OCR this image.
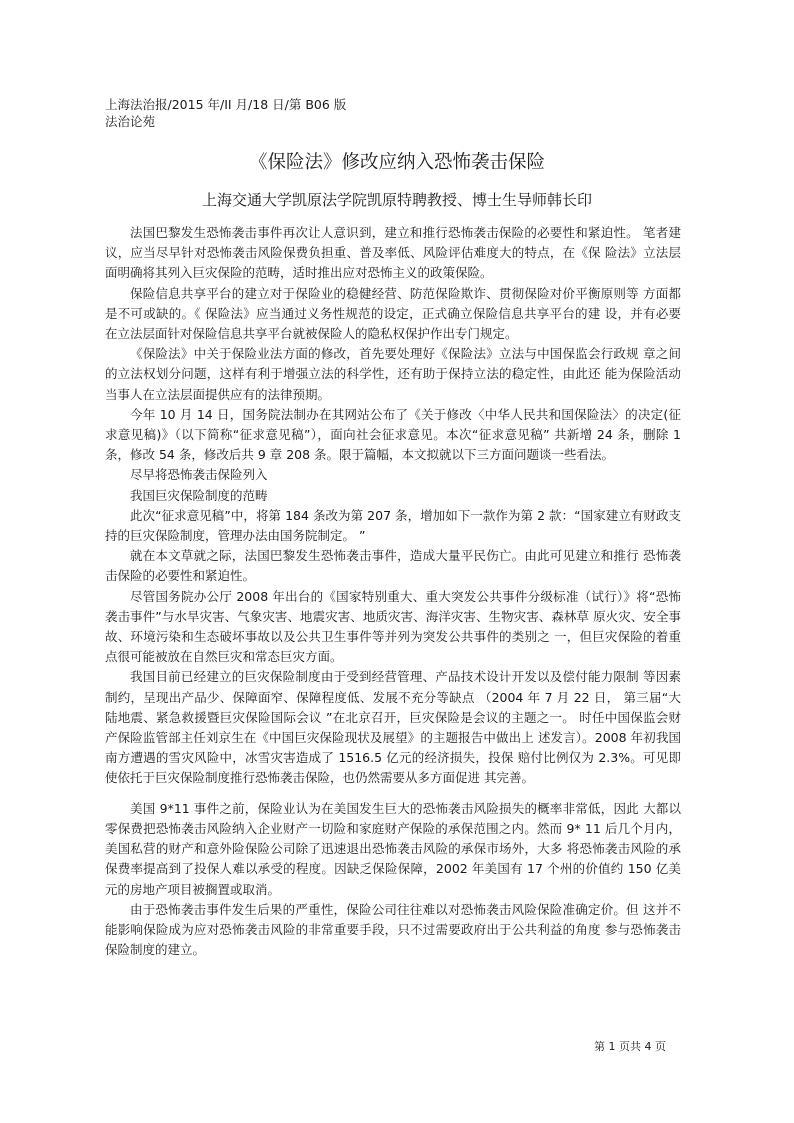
上海法治报/2015 年/II 月/18 日/第 B06 版
法治论苑
《保险法》修改应纳入恐怖袭击保险
上海交通大学凯原法学院凯原特聘教授、博士生导师韩长印

法国巴黎发生恐怖袭击事件再次让人意识到，建立和推行恐怖袭击保险的必要性和紧迫性。 笔者建议，应当尽早针对恐怖袭击风险保费负担重、普及率低、风险评估难度大的特点，在《保 险法》立法层面明确将其列入巨灾保险的范畴，适时推出应对恐怖主义的政策保险。

保险信息共享平台的建立对于保险业的稳健经营、防范保险欺诈、贯彻保险对价平衡原则等 方面都是不可或缺的。《 保险法》应当通过义务性规范的设定，正式确立保险信息共享平台的建 设，并有必要在立法层面针对保险信息共享平台就被保险人的隐私权保护作出专门规定。

《保险法》中关于保险业法方面的修改，首先要处理好《保险法》立法与中国保监会行政规 章之间的立法权划分问题，这样有利于增强立法的科学性，还有助于保持立法的稳定性，由此还 能为保险活动当事人在立法层面提供应有的法律预期。

今年 10 月 14 日，国务院法制办在其网站公布了《关于修改〈中华人民共和国保险法〉的决定(征求意见稿)》（以下简称“征求意见稿”），面向社会征求意见。本次“征求意见稿” 共新增 24 条，删除 1 条，修改 54 条，修改后共 9 章 208 条。限于篇幅，本文拟就以下三方面问题谈一些看法。

尽早将恐怖袭击保险列入

我国巨灾保险制度的范畴

此次“征求意见稿”中，将第 184 条改为第 207 条，增加如下一款作为第 2 款：“国家建立有财政支持的巨灾保险制度，管理办法由国务院制定。 ”

就在本文草就之际，法国巴黎发生恐怖袭击事件，造成大量平民伤亡。由此可见建立和推行 恐怖袭击保险的必要性和紧迫性。

尽管国务院办公厅 2008 年出台的《国家特别重大、重大突发公共事件分级标准（试行）》将“恐怖袭击事件”与水旱灾害、气象灾害、地震灾害、地质灾害、海洋灾害、生物灾害、森林草 原火灾、安全事故、环境污染和生态破坏事故以及公共卫生事件等并列为突发公共事件的类别之 一，但巨灾保险的着重点很可能被放在自然巨灾和常态巨灾方面。

我国目前已经建立的巨灾保险制度由于受到经营管理、产品技术设计开发以及偿付能力限制 等因素制约，呈现出产品少、保障面窄、保障程度低、发展不充分等缺点 （2004 年 7 月 22 日， 第三届“大陆地震、紧急救援暨巨灾保险国际会议 ”在北京召开，巨灾保险是会议的主题之一。 时任中国保监会财产保险监管部主任刘京生在《中国巨灾保险现状及展望》的主题报告中做出上 述发言）。2008 年初我国南方遭遇的雪灾风险中，冰雪灾害造成了 1516.5 亿元的经济损失，投保 赔付比例仅为 2.3%。可见即使依托于巨灾保险制度推行恐怖袭击保险，也仍然需要从多方面促进 其完善。

美国 9*11 事件之前，保险业认为在美国发生巨大的恐怖袭击风险损失的概率非常低，因此 大都以零保费把恐怖袭击风险纳入企业财产一切险和家庭财产保险的承保范围之内。然而 9* 11 后几个月内，美国私营的财产和意外险保险公司除了迅速退出恐怖袭击风险的承保市场外，大多 将恐怖袭击风险的承保费率提高到了投保人难以承受的程度。因缺乏保险保障，2002 年美国有 17 个州的价值约 150 亿美元的房地产项目被搁置或取消。

由于恐怖袭击事件发生后果的严重性，保险公司往往难以对恐怖袭击风险保险准确定价。但 这并不能影响保险成为应对恐怖袭击风险的非常重要手段，只不过需要政府出于公共利益的角度 参与恐怖袭击保险制度的建立。

第 1 页共 4 页
